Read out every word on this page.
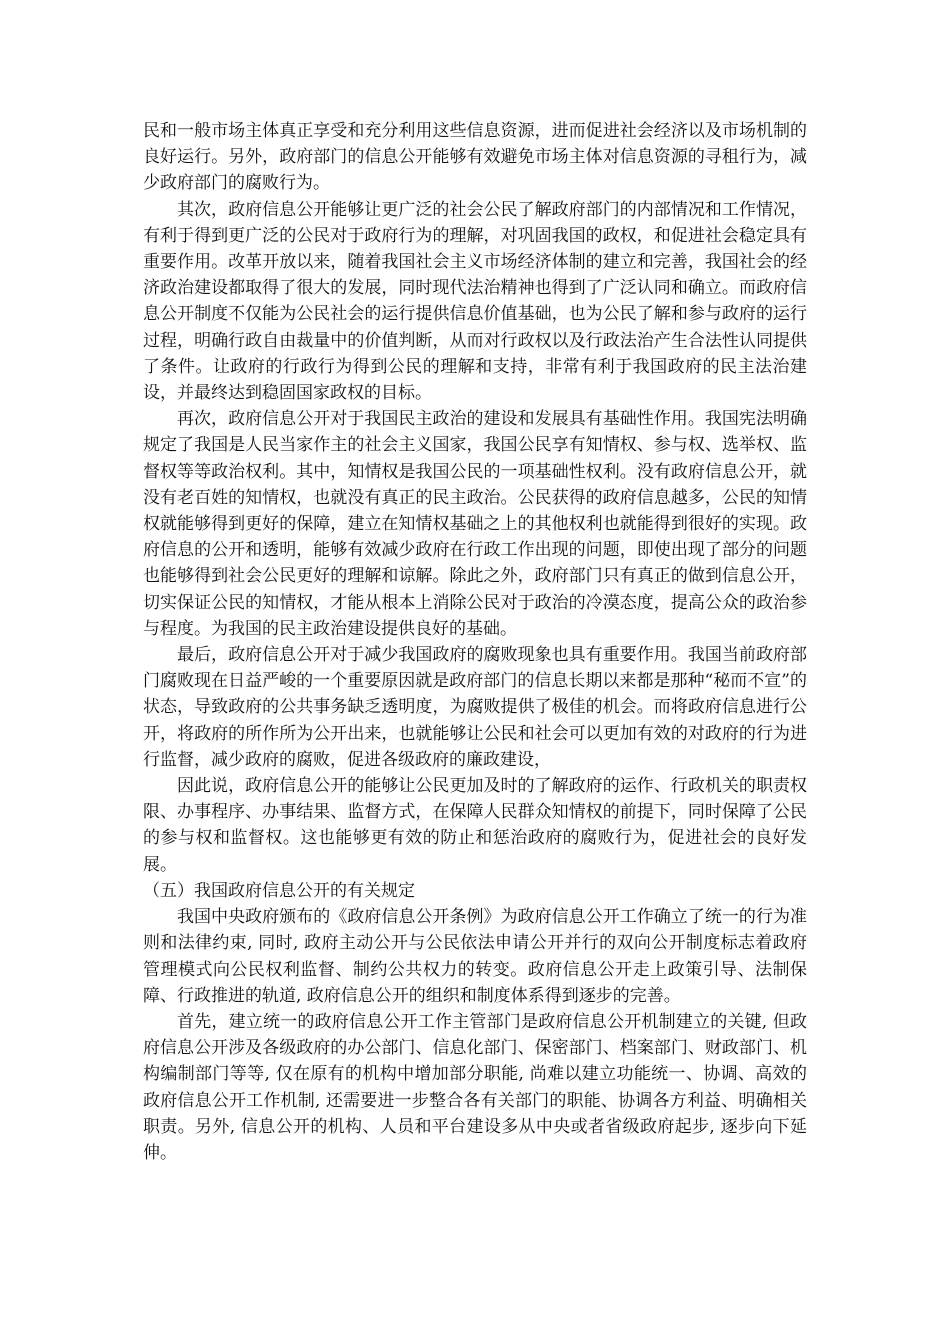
民和一般市场主体真正享受和充分利用这些信息资源，进而促进社会经济以及市场机制的良好运行。另外，政府部门的信息公开能够有效避免市场主体对信息资源的寻租行为，减少政府部门的腐败行为。

其次，政府信息公开能够让更广泛的社会公民了解政府部门的内部情况和工作情况，有利于得到更广泛的公民对于政府行为的理解，对巩固我国的政权，和促进社会稳定具有重要作用。改革开放以来，随着我国社会主义市场经济体制的建立和完善，我国社会的经济政治建设都取得了很大的发展，同时现代法治精神也得到了广泛认同和确立。而政府信息公开制度不仅能为公民社会的运行提供信息价值基础，也为公民了解和参与政府的运行过程，明确行政自由裁量中的价值判断，从而对行政权以及行政法治产生合法性认同提供了条件。让政府的行政行为得到公民的理解和支持，非常有利于我国政府的民主法治建设，并最终达到稳固国家政权的目标。

再次，政府信息公开对于我国民主政治的建设和发展具有基础性作用。我国宪法明确规定了我国是人民当家作主的社会主义国家，我国公民享有知情权、参与权、选举权、监督权等等政治权利。其中，知情权是我国公民的一项基础性权利。没有政府信息公开，就没有老百姓的知情权，也就没有真正的民主政治。公民获得的政府信息越多，公民的知情权就能够得到更好的保障，建立在知情权基础之上的其他权利也就能得到很好的实现。政府信息的公开和透明，能够有效减少政府在行政工作出现的问题，即使出现了部分的问题也能够得到社会公民更好的理解和谅解。除此之外，政府部门只有真正的做到信息公开，切实保证公民的知情权，才能从根本上消除公民对于政治的冷漠态度，提高公众的政治参与程度。为我国的民主政治建设提供良好的基础。

最后，政府信息公开对于减少我国政府的腐败现象也具有重要作用。我国当前政府部门腐败现在日益严峻的一个重要原因就是政府部门的信息长期以来都是那种“秘而不宣”的状态，导致政府的公共事务缺乏透明度，为腐败提供了极佳的机会。而将政府信息进行公开，将政府的所作所为公开出来，也就能够让公民和社会可以更加有效的对政府的行为进行监督，减少政府的腐败，促进各级政府的廉政建设，

因此说，政府信息公开的能够让公民更加及时的了解政府的运作、行政机关的职责权限、办事程序、办事结果、监督方式，在保障人民群众知情权的前提下，同时保障了公民的参与权和监督权。这也能够更有效的防止和惩治政府的腐败行为，促进社会的良好发展。

（五）我国政府信息公开的有关规定

我国中央政府颁布的《政府信息公开条例》为政府信息公开工作确立了统一的行为准则和法律约束, 同时, 政府主动公开与公民依法申请公开并行的双向公开制度标志着政府管理模式向公民权利监督、制约公共权力的转变。政府信息公开走上政策引导、法制保障、行政推进的轨道, 政府信息公开的组织和制度体系得到逐步的完善。

首先，建立统一的政府信息公开工作主管部门是政府信息公开机制建立的关键, 但政府信息公开涉及各级政府的办公部门、信息化部门、保密部门、档案部门、财政部门、机构编制部门等等, 仅在原有的机构中增加部分职能, 尚难以建立功能统一、协调、高效的政府信息公开工作机制, 还需要进一步整合各有关部门的职能、协调各方利益、明确相关职责。另外, 信息公开的机构、人员和平台建设多从中央或者省级政府起步, 逐步向下延伸。
